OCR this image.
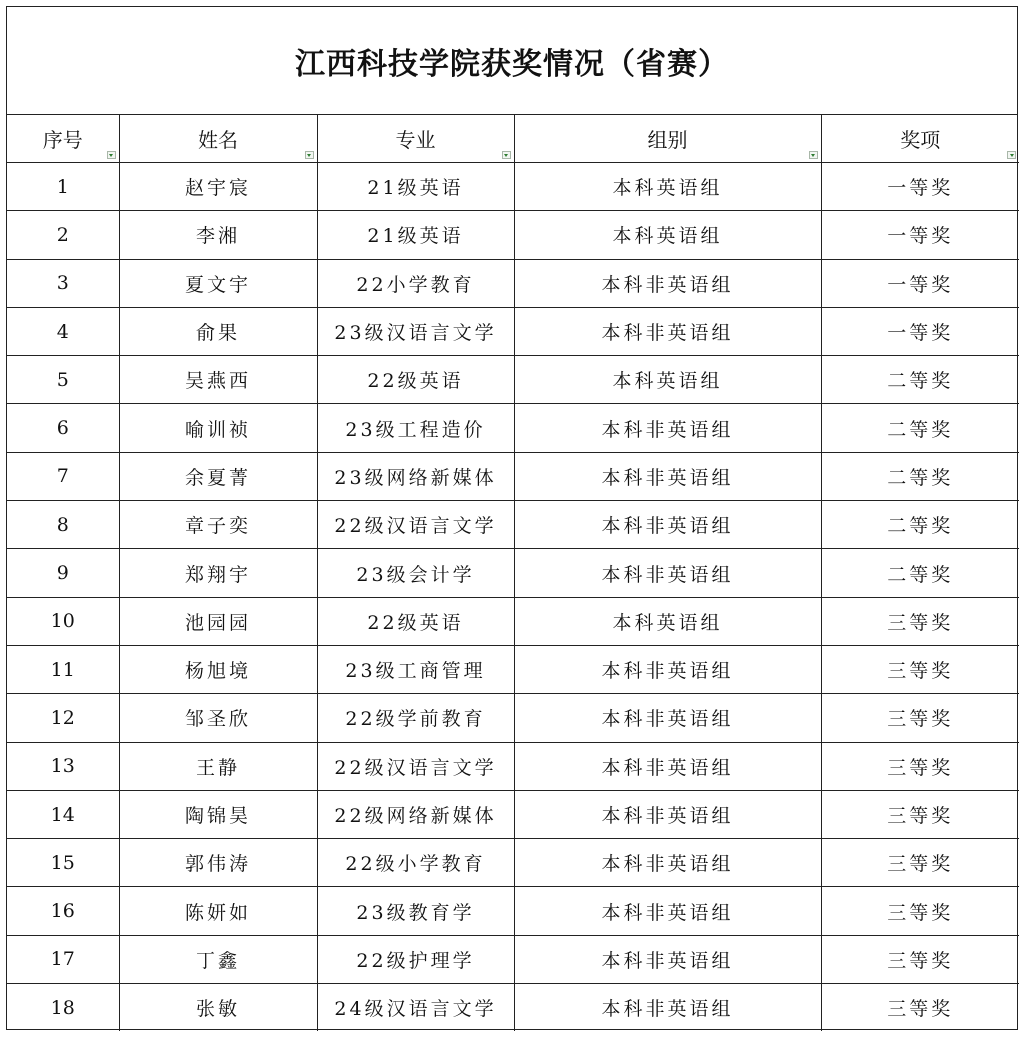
江西科技学院获奖情况（省赛）
序号	姓名	专业	组别	奖项

1	赵宇宸	21级英语	本科英语组	一等奖
2	李湘	21级英语	本科英语组	一等奖
3	夏文宇	22小学教育	本科非英语组	一等奖
4	俞果	23级汉语言文学	本科非英语组	一等奖
5	吴燕西	22级英语	本科英语组	二等奖
6	喻训祯	23级工程造价	本科非英语组	二等奖
7	余夏菁	23级网络新媒体	本科非英语组	二等奖
8	章子奕	22级汉语言文学	本科非英语组	二等奖
9	郑翔宇	23级会计学	本科非英语组	二等奖
10	池园园	22级英语	本科英语组	三等奖
11	杨旭境	23级工商管理	本科非英语组	三等奖
12	邹圣欣	22级学前教育	本科非英语组	三等奖
13	王静	22级汉语言文学	本科非英语组	三等奖
14	陶锦昊	22级网络新媒体	本科非英语组	三等奖
15	郭伟涛	22级小学教育	本科非英语组	三等奖
16	陈妍如	23级教育学	本科非英语组	三等奖
17	丁鑫	22级护理学	本科非英语组	三等奖
18	张敏	24级汉语言文学	本科非英语组	三等奖
